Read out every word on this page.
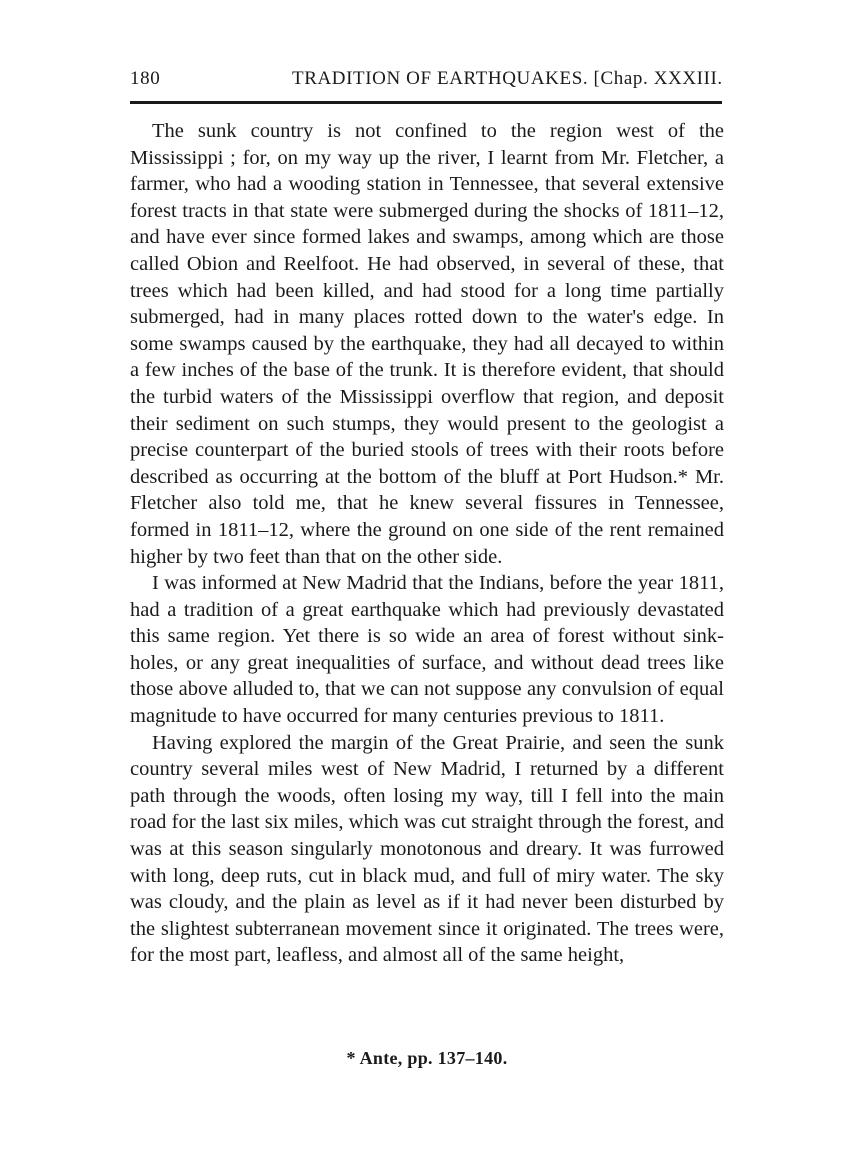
180	TRADITION OF EARTHQUAKES. [Chap. XXXIII.

The sunk country is not confined to the region west of the Mississippi ; for, on my way up the river, I learnt from Mr. Fletcher, a farmer, who had a wooding station in Tennessee, that several extensive forest tracts in that state were submerged during the shocks of 1811–12, and have ever since formed lakes and swamps, among which are those called Obion and Reelfoot. He had observed, in several of these, that trees which had been killed, and had stood for a long time partially submerged, had in many places rotted down to the water's edge. In some swamps caused by the earthquake, they had all decayed to within a few inches of the base of the trunk. It is therefore evident, that should the turbid waters of the Mississippi overflow that region, and deposit their sediment on such stumps, they would present to the geologist a precise counterpart of the buried stools of trees with their roots before described as occurring at the bottom of the bluff at Port Hudson.* Mr. Fletcher also told me, that he knew several fissures in Tennessee, formed in 1811–12, where the ground on one side of the rent remained higher by two feet than that on the other side.

I was informed at New Madrid that the Indians, before the year 1811, had a tradition of a great earthquake which had previously devastated this same region. Yet there is so wide an area of forest without sink-holes, or any great inequalities of surface, and without dead trees like those above alluded to, that we can not suppose any convulsion of equal magnitude to have occurred for many centuries previous to 1811.

Having explored the margin of the Great Prairie, and seen the sunk country several miles west of New Madrid, I returned by a different path through the woods, often losing my way, till I fell into the main road for the last six miles, which was cut straight through the forest, and was at this season singularly monotonous and dreary. It was furrowed with long, deep ruts, cut in black mud, and full of miry water. The sky was cloudy, and the plain as level as if it had never been disturbed by the slightest subterranean movement since it originated. The trees were, for the most part, leafless, and almost all of the same height,

* Ante, pp. 137–140.
